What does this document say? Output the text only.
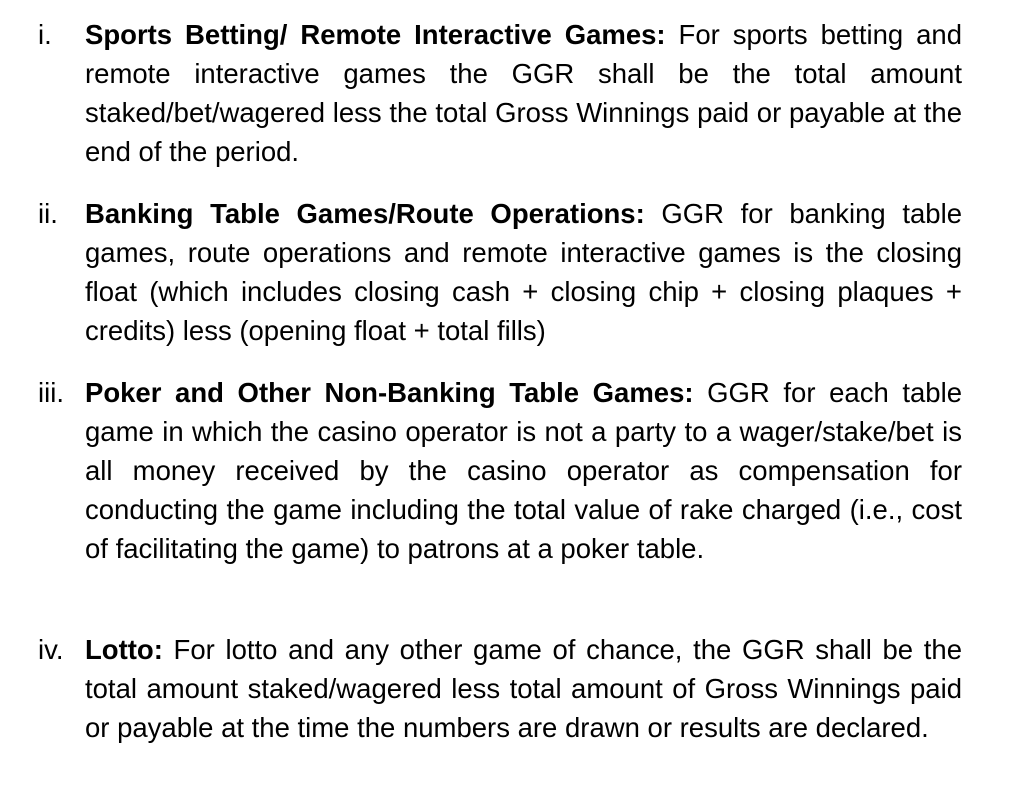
i. Sports Betting/ Remote Interactive Games: For sports betting and remote interactive games the GGR shall be the total amount staked/bet/wagered less the total Gross Winnings paid or payable at the end of the period.
ii. Banking Table Games/Route Operations: GGR for banking table games, route operations and remote interactive games is the closing float (which includes closing cash + closing chip + closing plaques + credits) less (opening float + total fills)
iii. Poker and Other Non-Banking Table Games: GGR for each table game in which the casino operator is not a party to a wager/stake/bet is all money received by the casino operator as compensation for conducting the game including the total value of rake charged (i.e., cost of facilitating the game) to patrons at a poker table.
iv. Lotto: For lotto and any other game of chance, the GGR shall be the total amount staked/wagered less total amount of Gross Winnings paid or payable at the time the numbers are drawn or results are declared.
